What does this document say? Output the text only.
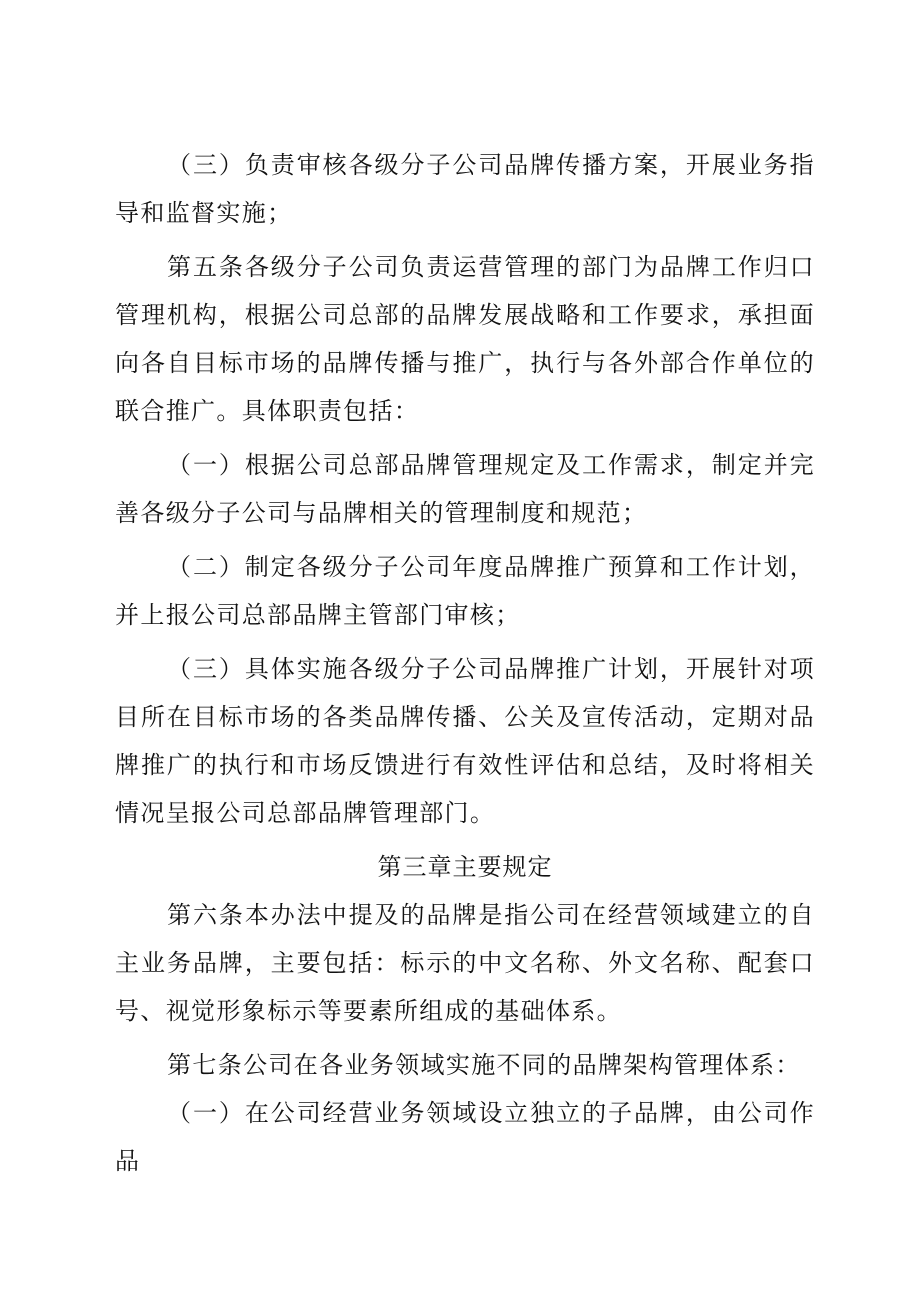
（三）负责审核各级分子公司品牌传播方案，开展业务指导和监督实施；

第五条各级分子公司负责运营管理的部门为品牌工作归口管理机构，根据公司总部的品牌发展战略和工作要求，承担面向各自目标市场的品牌传播与推广，执行与各外部合作单位的联合推广。具体职责包括：

（一）根据公司总部品牌管理规定及工作需求，制定并完善各级分子公司与品牌相关的管理制度和规范；

（二）制定各级分子公司年度品牌推广预算和工作计划，并上报公司总部品牌主管部门审核；

（三）具体实施各级分子公司品牌推广计划，开展针对项目所在目标市场的各类品牌传播、公关及宣传活动，定期对品牌推广的执行和市场反馈进行有效性评估和总结，及时将相关情况呈报公司总部品牌管理部门。

第三章主要规定

第六条本办法中提及的品牌是指公司在经营领域建立的自主业务品牌，主要包括：标示的中文名称、外文名称、配套口号、视觉形象标示等要素所组成的基础体系。

第七条公司在各业务领域实施不同的品牌架构管理体系：

（一）在公司经营业务领域设立独立的子品牌，由公司作品
